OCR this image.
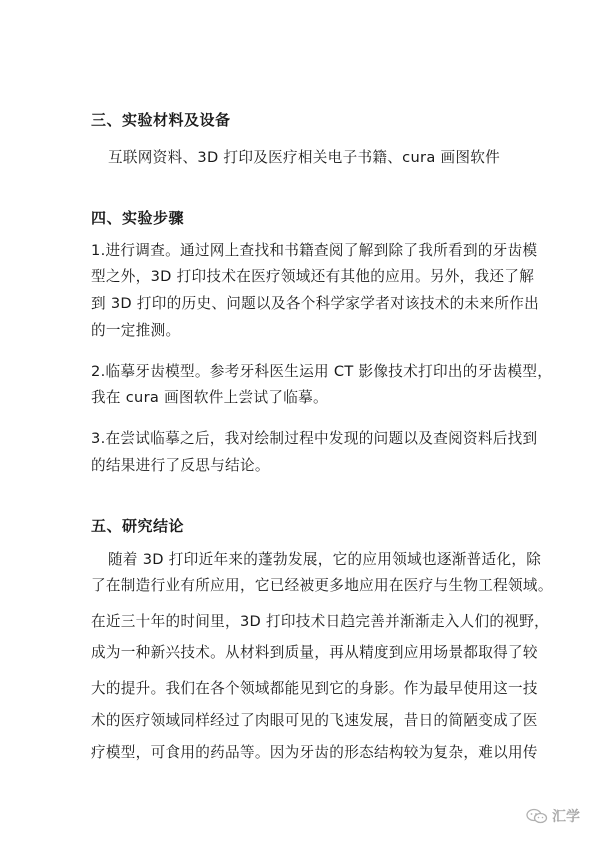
三、实验材料及设备
互联网资料、3D 打印及医疗相关电子书籍、cura 画图软件
四、实验步骤
1.进行调查。通过网上查找和书籍查阅了解到除了我所看到的牙齿模
型之外，3D 打印技术在医疗领域还有其他的应用。另外，我还了解
到 3D 打印的历史、问题以及各个科学家学者对该技术的未来所作出
的一定推测。
2.临摹牙齿模型。参考牙科医生运用 CT 影像技术打印出的牙齿模型，
我在 cura 画图软件上尝试了临摹。
3.在尝试临摹之后，我对绘制过程中发现的问题以及查阅资料后找到
的结果进行了反思与结论。
五、研究结论
随着 3D 打印近年来的蓬勃发展，它的应用领域也逐渐普适化，除
了在制造行业有所应用，它已经被更多地应用在医疗与生物工程领域。
在近三十年的时间里，3D 打印技术日趋完善并渐渐走入人们的视野，
成为一种新兴技术。从材料到质量，再从精度到应用场景都取得了较
大的提升。我们在各个领域都能见到它的身影。作为最早使用这一技
术的医疗领域同样经过了肉眼可见的飞速发展，昔日的简陋变成了医
疗模型，可食用的药品等。因为牙齿的形态结构较为复杂，难以用传
汇学
